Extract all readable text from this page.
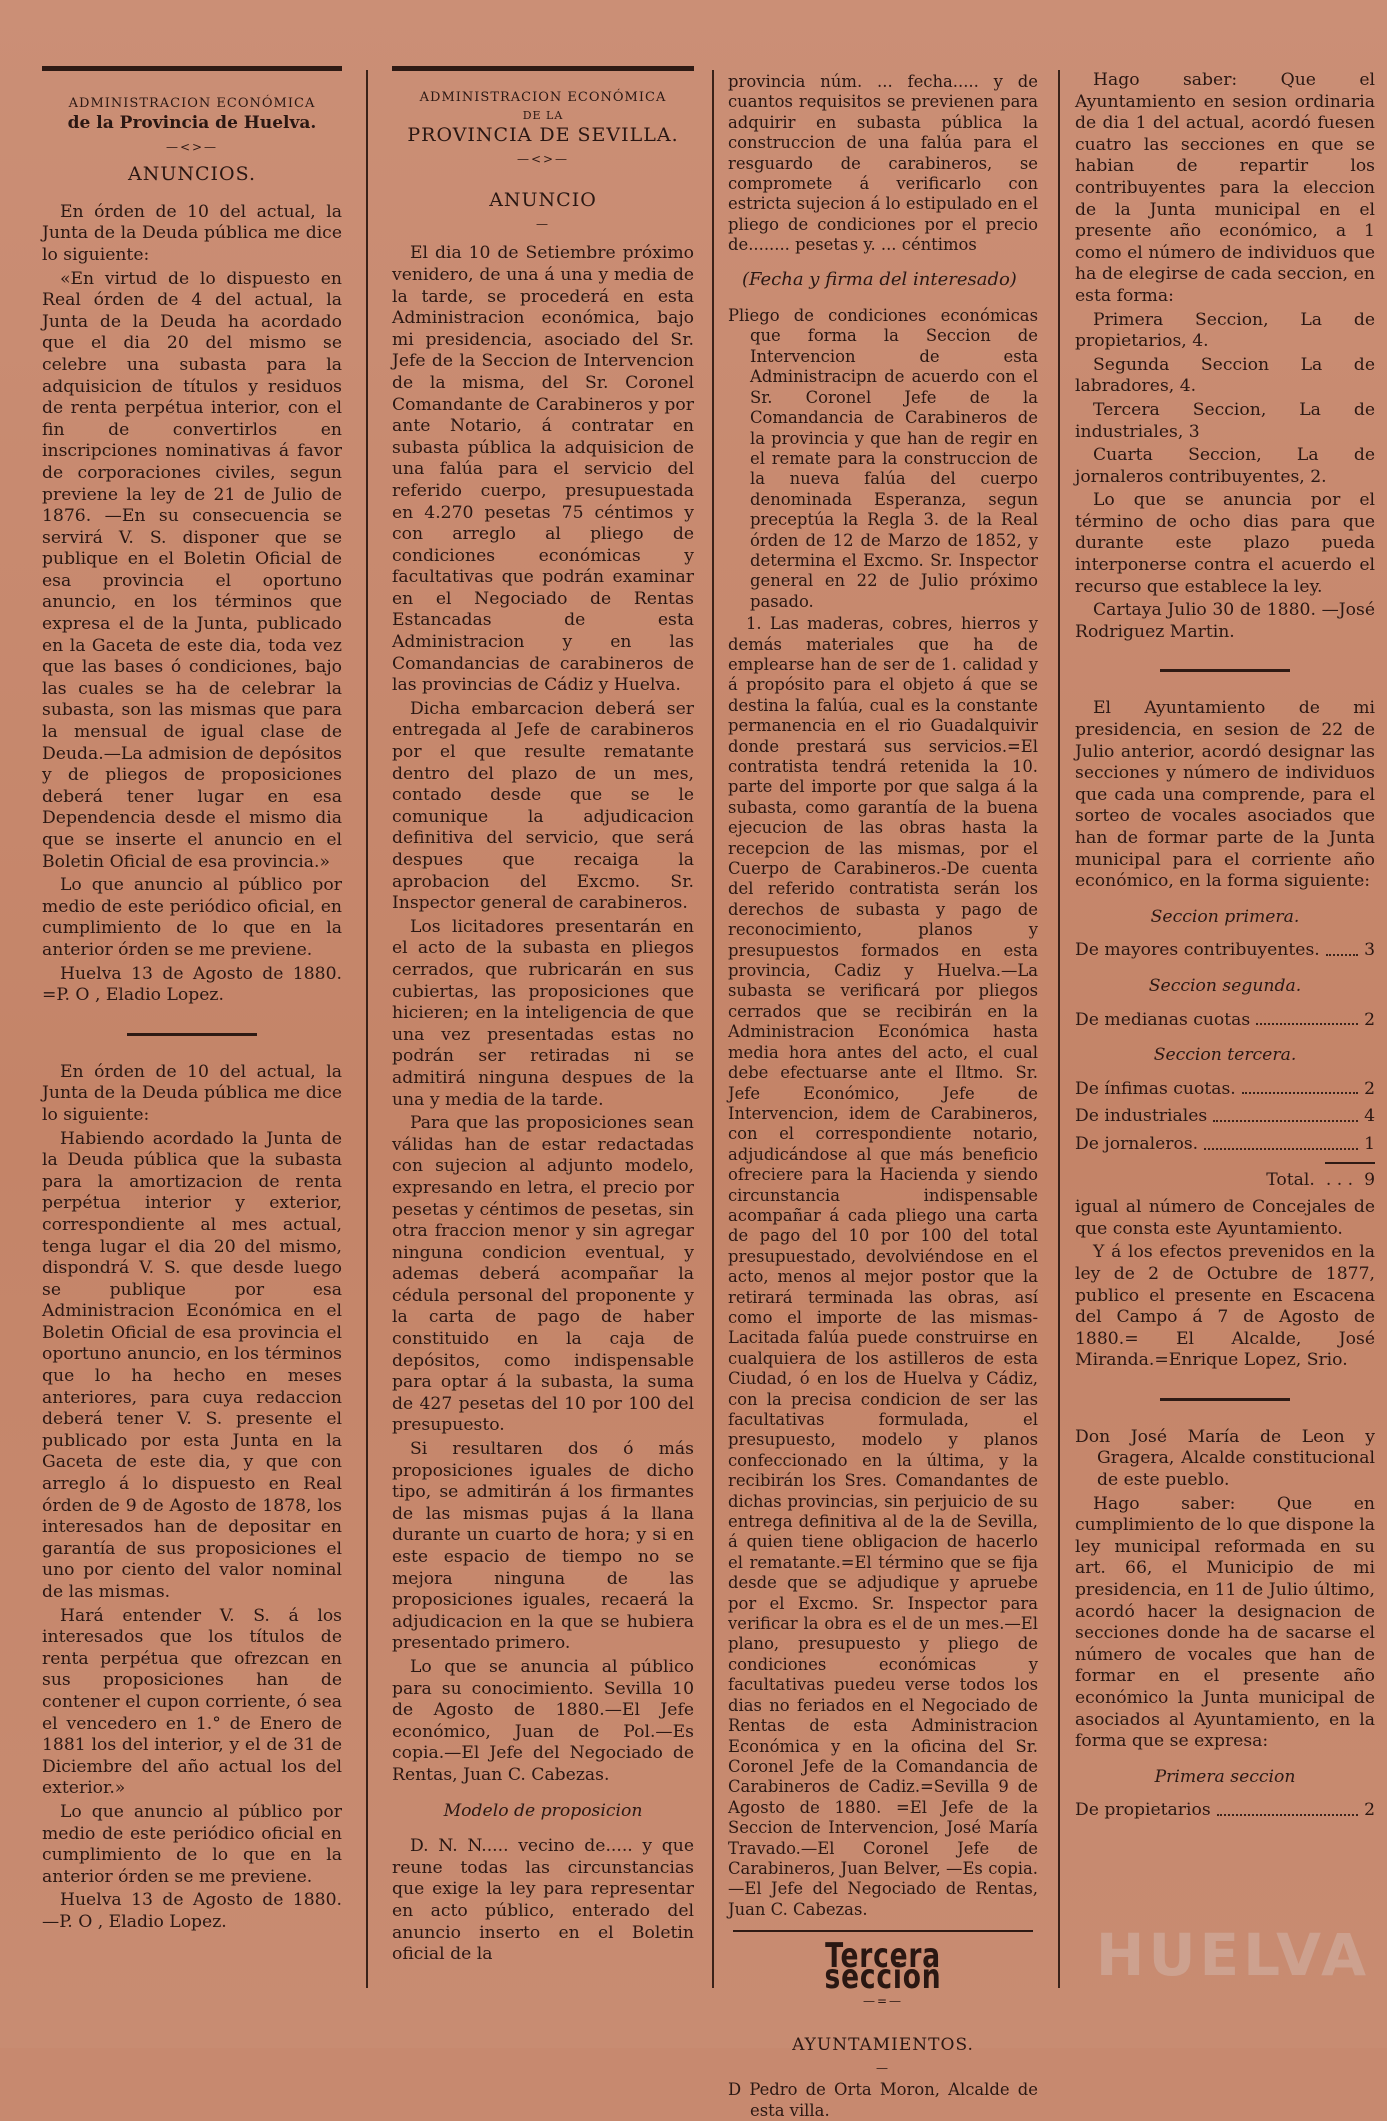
ADMINISTRACION ECONÓMICA
de la Provincia de Huelva.
—<>—
ANUNCIOS.

En órden de 10 del actual, la Junta de la Deuda pública me dice lo siguiente:

«En virtud de lo dispuesto en Real órden de 4 del actual, la Junta de la Deuda ha acordado que el dia 20 del mismo se celebre una subasta para la adquisicion de títulos y residuos de renta perpétua interior, con el fin de convertirlos en inscripciones nominativas á favor de corporaciones civiles, segun previene la ley de 21 de Julio de 1876. —En su consecuencia se servirá V. S. disponer que se publique en el Boletin Oficial de esa provincia el oportuno anuncio, en los términos que expresa el de la Junta, publicado en la Gaceta de este dia, toda vez que las bases ó condiciones, bajo las cuales se ha de celebrar la subasta, son las mismas que para la mensual de igual clase de Deuda.—La admision de depósitos y de pliegos de proposiciones deberá tener lugar en esa Dependencia desde el mismo dia que se inserte el anuncio en el Boletin Oficial de esa provincia.»

Lo que anuncio al público por medio de este periódico oficial, en cumplimiento de lo que en la anterior órden se me previene.

Huelva 13 de Agosto de 1880. =P. O , Eladio Lopez.

En órden de 10 del actual, la Junta de la Deuda pública me dice lo siguiente:

Habiendo acordado la Junta de la Deuda pública que la subasta para la amortizacion de renta perpétua interior y exterior, correspondiente al mes actual, tenga lugar el dia 20 del mismo, dispondrá V. S. que desde luego se publique por esa Administracion Económica en el Boletin Oficial de esa provincia el oportuno anuncio, en los términos que lo ha hecho en meses anteriores, para cuya redaccion deberá tener V. S. presente el publicado por esta Junta en la Gaceta de este dia, y que con arreglo á lo dispuesto en Real órden de 9 de Agosto de 1878, los interesados han de depositar en garantía de sus proposiciones el uno por ciento del valor nominal de las mismas.

Hará entender V. S. á los interesados que los títulos de renta perpétua que ofrezcan en sus proposiciones han de contener el cupon corriente, ó sea el vencedero en 1.° de Enero de 1881 los del interior, y el de 31 de Diciembre del año actual los del exterior.»

Lo que anuncio al público por medio de este periódico oficial en cumplimiento de lo que en la anterior órden se me previene.

Huelva 13 de Agosto de 1880. —P. O , Eladio Lopez.

ADMINISTRACION ECONÓMICA
DE LA
PROVINCIA DE SEVILLA.
—<>—
ANUNCIO
—

El dia 10 de Setiembre próximo venidero, de una á una y media de la tarde, se procederá en esta Administracion económica, bajo mi presidencia, asociado del Sr. Jefe de la Seccion de Intervencion de la misma, del Sr. Coronel Comandante de Carabineros y por ante Notario, á contratar en subasta pública la adquisicion de una falúa para el servicio del referido cuerpo, presupuestada en 4.270 pesetas 75 céntimos y con arreglo al pliego de condiciones económicas y facultativas que podrán examinar en el Negociado de Rentas Estancadas de esta Administracion y en las Comandancias de carabineros de las provincias de Cádiz y Huelva.

Dicha embarcacion deberá ser entregada al Jefe de carabineros por el que resulte rematante dentro del plazo de un mes, contado desde que se le comunique la adjudicacion definitiva del servicio, que será despues que recaiga la aprobacion del Excmo. Sr. Inspector general de carabineros.

Los licitadores presentarán en el acto de la subasta en pliegos cerrados, que rubricarán en sus cubiertas, las proposiciones que hicieren; en la inteligencia de que una vez presentadas estas no podrán ser retiradas ni se admitirá ninguna despues de la una y media de la tarde.

Para que las proposiciones sean válidas han de estar redactadas con sujecion al adjunto modelo, expresando en letra, el precio por pesetas y céntimos de pesetas, sin otra fraccion menor y sin agregar ninguna condicion eventual, y ademas deberá acompañar la cédula personal del proponente y la carta de pago de haber constituido en la caja de depósitos, como indispensable para optar á la subasta, la suma de 427 pesetas del 10 por 100 del presupuesto.

Si resultaren dos ó más proposiciones iguales de dicho tipo, se admitirán á los firmantes de las mismas pujas á la llana durante un cuarto de hora; y si en este espacio de tiempo no se mejora ninguna de las proposiciones iguales, recaerá la adjudicacion en la que se hubiera presentado primero.

Lo que se anuncia al público para su conocimiento. Sevilla 10 de Agosto de 1880.—El Jefe económico, Juan de Pol.—Es copia.—El Jefe del Negociado de Rentas, Juan C. Cabezas.

Modelo de proposicion

D. N. N..... vecino de..... y que reune todas las circunstancias que exige la ley para representar en acto público, enterado del anuncio inserto en el Boletin oficial de la

provincia núm. ... fecha..... y de cuantos requisitos se previenen para adquirir en subasta pública la construccion de una falúa para el resguardo de carabineros, se compromete á verificarlo con estricta sujecion á lo estipulado en el pliego de condiciones por el precio de........ pesetas y. ... céntimos

(Fecha y firma del interesado)

Pliego de condiciones económicas que forma la Seccion de Intervencion de esta Administracipn de acuerdo con el Sr. Coronel Jefe de la Comandancia de Carabineros de la provincia y que han de regir en el remate para la construccion de la nueva falúa del cuerpo denominada Esperanza, segun preceptúa la Regla 3. de la Real órden de 12 de Marzo de 1852, y determina el Excmo. Sr. Inspector general en 22 de Julio próximo pasado.

1. Las maderas, cobres, hierros y demás materiales que ha de emplearse han de ser de 1. calidad y á propósito para el objeto á que se destina la falúa, cual es la constante permanencia en el rio Guadalquivir donde prestará sus servicios.=El contratista tendrá retenida la 10. parte del importe por que salga á la subasta, como garantía de la buena ejecucion de las obras hasta la recepcion de las mismas, por el Cuerpo de Carabineros.-De cuenta del referido contratista serán los derechos de subasta y pago de reconocimiento, planos y presupuestos formados en esta provincia, Cadiz y Huelva.—La subasta se verificará por pliegos cerrados que se recibirán en la Administracion Económica hasta media hora antes del acto, el cual debe efectuarse ante el Iltmo. Sr. Jefe Económico, Jefe de Intervencion, idem de Carabineros, con el correspondiente notario, adjudicándose al que más beneficio ofreciere para la Hacienda y siendo circunstancia indispensable acompañar á cada pliego una carta de pago del 10 por 100 del total presupuestado, devolviéndose en el acto, menos al mejor postor que la retirará terminada las obras, así como el importe de las mismas-Lacitada falúa puede construirse en cualquiera de los astilleros de esta Ciudad, ó en los de Huelva y Cádiz, con la precisa condicion de ser las facultativas formulada, el presupuesto, modelo y planos confeccionado en la última, y la recibirán los Sres. Comandantes de dichas provincias, sin perjuicio de su entrega definitiva al de la de Sevilla, á quien tiene obligacion de hacerlo el rematante.=El término que se fija desde que se adjudique y apruebe por el Excmo. Sr. Inspector para verificar la obra es el de un mes.—El plano, presupuesto y pliego de condiciones económicas y facultativas puedeu verse todos los dias no feriados en el Negociado de Rentas de esta Administracion Económica y en la oficina del Sr. Coronel Jefe de la Comandancia de Carabineros de Cadiz.=Sevilla 9 de Agosto de 1880. =El Jefe de la Seccion de Intervencion, José María Travado.—El Coronel Jefe de Carabineros, Juan Belver, —Es copia.—El Jefe del Negociado de Rentas, Juan C. Cabezas.

Tercera seccion
—=—
AYUNTAMIENTOS.
—

D Pedro de Orta Moron, Alcalde de esta villa.

Hago saber: Que el Ayuntamiento en sesion ordinaria de dia 1 del actual, acordó fuesen cuatro las secciones en que se habian de repartir los contribuyentes para la eleccion de la Junta municipal en el presente año económico, a 1 como el número de individuos que ha de elegirse de cada seccion, en esta forma:

Primera Seccion, La de propietarios, 4.

Segunda Seccion La de labradores, 4.

Tercera Seccion, La de industriales, 3

Cuarta Seccion, La de jornaleros contribuyentes, 2.

Lo que se anuncia por el término de ocho dias para que durante este plazo pueda interponerse contra el acuerdo el recurso que establece la ley.

Cartaya Julio 30 de 1880. —José Rodriguez Martin.

El Ayuntamiento de mi presidencia, en sesion de 22 de Julio anterior, acordó designar las secciones y número de individuos que cada una comprende, para el sorteo de vocales asociados que han de formar parte de la Junta municipal para el corriente año económico, en la forma siguiente:

Seccion primera.
De mayores contribuyentes.	3
Seccion segunda.
De medianas cuotas	2
Seccion tercera.
De ínfimas cuotas.	2
De industriales	4
De jornaleros.	1
Total.  . . .  9

igual al número de Concejales de que consta este Ayuntamiento.

Y á los efectos prevenidos en la ley de 2 de Octubre de 1877, publico el presente en Escacena del Campo á 7 de Agosto de 1880.= El Alcalde, José Miranda.=Enrique Lopez, Srio.

Don José María de Leon y Gragera, Alcalde constitucional de este pueblo.

Hago saber: Que en cumplimiento de lo que dispone la ley municipal reformada en su art. 66, el Municipio de mi presidencia, en 11 de Julio último, acordó hacer la designacion de secciones donde ha de sacarse el número de vocales que han de formar en el presente año económico la Junta municipal de asociados al Ayuntamiento, en la forma que se expresa:

Primera seccion
De propietarios	2
HUELVA
